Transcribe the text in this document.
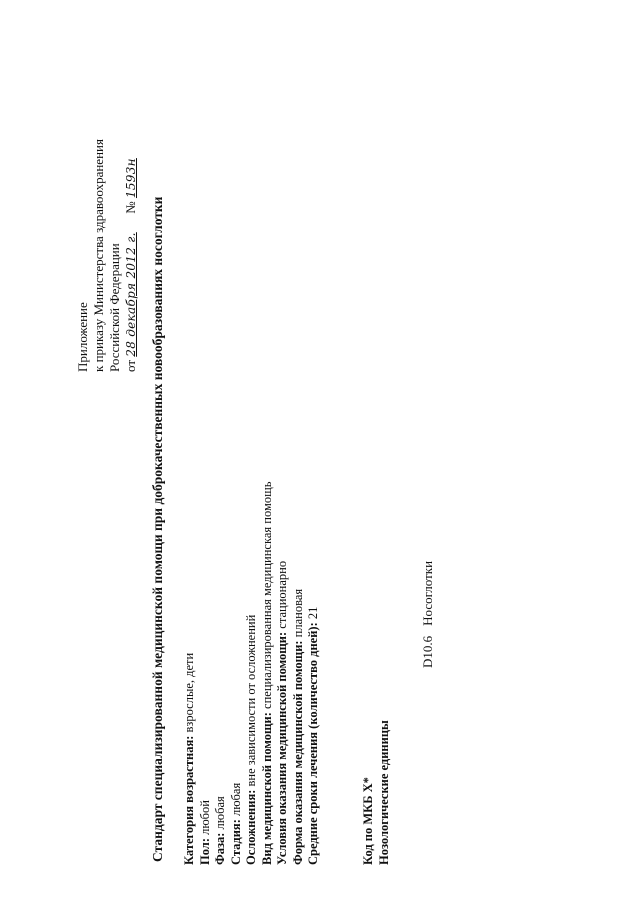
Приложение к приказу Министерства здравоохранения Российской Федерации от 28 декабря 2012 г.  № 1593н
Стандарт специализированной медицинской помощи при доброкачественных новообразованиях носоглотки Категория возрастная: взрослые, дети
Пол: любой
Фаза: любая
Стадия: любая Осложнения: вне зависимости от осложнений
Вид медицинской помощи: специализированная медицинская помощь
Условия оказания медицинской помощи: стационарно
Форма оказания медицинской помощи: плановая
Средние сроки лечения (количество дней): 21
Код по МКБ X* Нозологические единицы
D10.6Носоглотки
